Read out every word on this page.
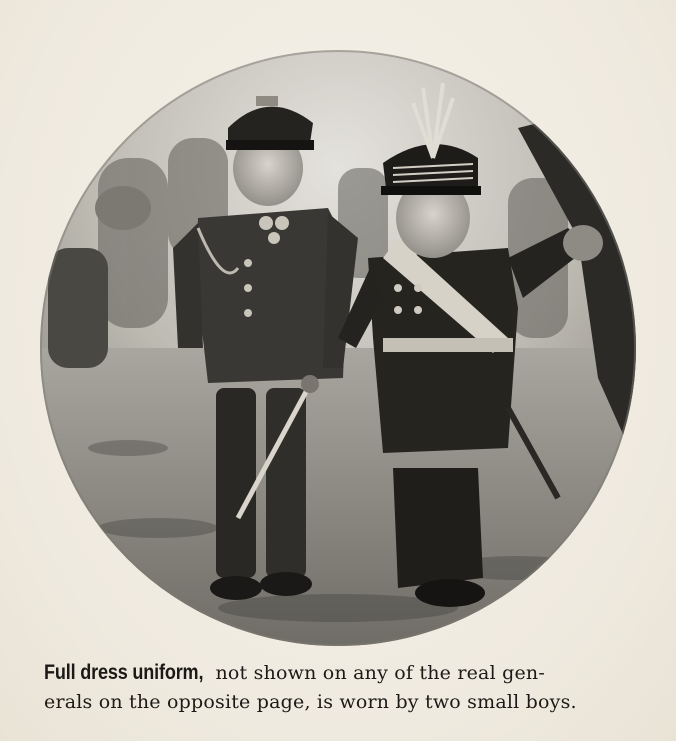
Full dress uniform, not shown on any of the real gen-
erals on the opposite page, is worn by two small boys.
